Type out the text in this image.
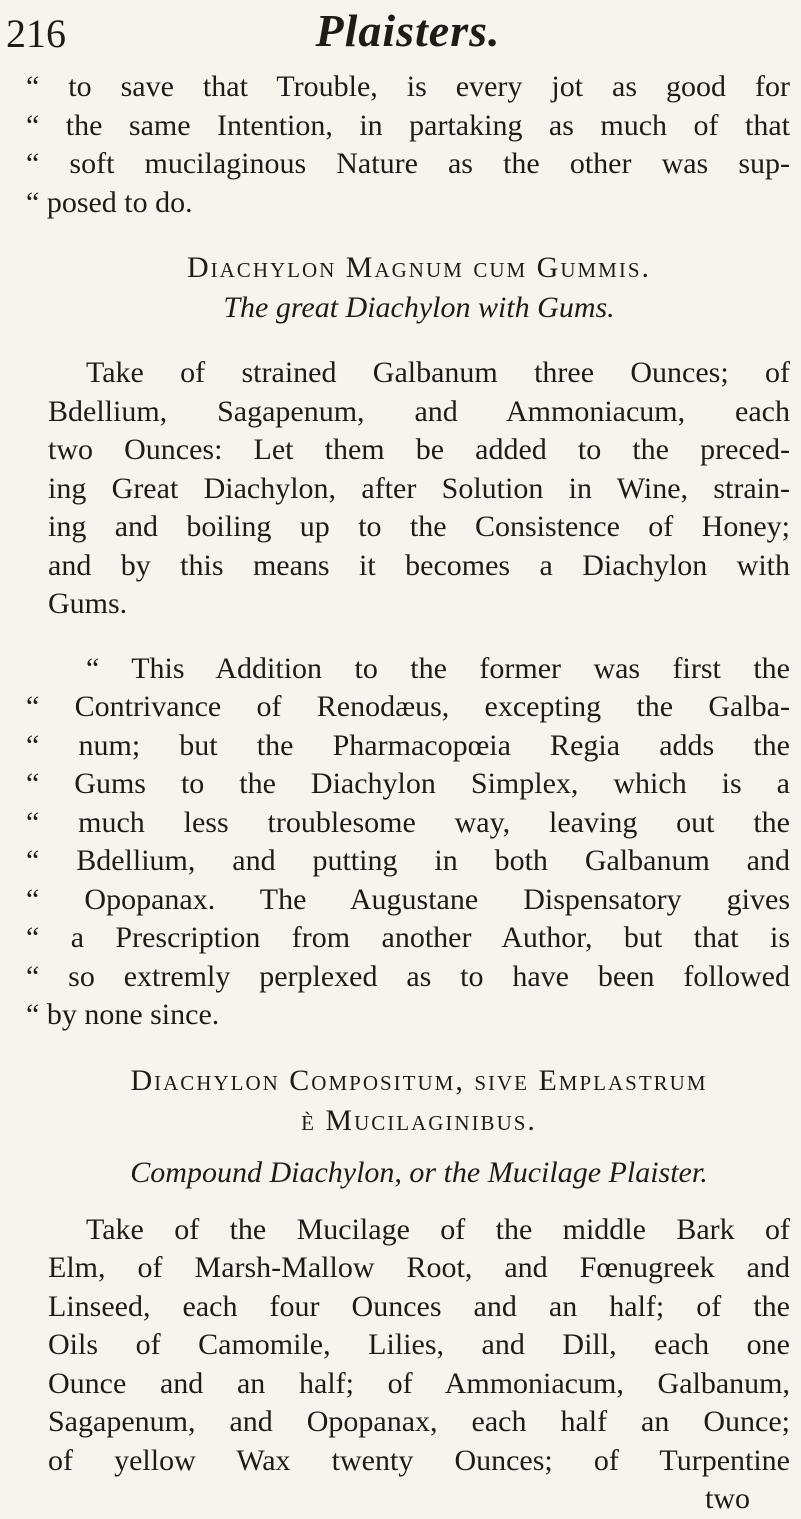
216	Plaisters.
“ to save that Trouble, is every jot as good for
“ the same Intention, in partaking as much of that
“ soft mucilaginous Nature as the other was sup-
“ posed to do.
Diachylon Magnum cum Gummis.
The great Diachylon with Gums.
Take of strained Galbanum three Ounces; of
Bdellium, Sagapenum, and Ammoniacum, each
two Ounces: Let them be added to the preced-
ing Great Diachylon, after Solution in Wine, strain-
ing and boiling up to the Consistence of Honey;
and by this means it becomes a Diachylon with
Gums.
“ This Addition to the former was first the
“ Contrivance of Renodæus, excepting the Galba-
“ num; but the Pharmacopœia Regia adds the
“ Gums to the Diachylon Simplex, which is a
“ much less troublesome way, leaving out the
“ Bdellium, and putting in both Galbanum and
“ Opopanax. The Augustane Dispensatory gives
“ a Prescription from another Author, but that is
“ so extremly perplexed as to have been followed
“ by none since.
Diachylon Compositum, sive Emplastrum
è Mucilaginibus.
Compound Diachylon, or the Mucilage Plaister.
Take of the Mucilage of the middle Bark of
Elm, of Marsh-Mallow Root, and Fœnugreek and
Linseed, each four Ounces and an half; of the
Oils of Camomile, Lilies, and Dill, each one
Ounce and an half; of Ammoniacum, Galbanum,
Sagapenum, and Opopanax, each half an Ounce;
of yellow Wax twenty Ounces; of Turpentine
two
